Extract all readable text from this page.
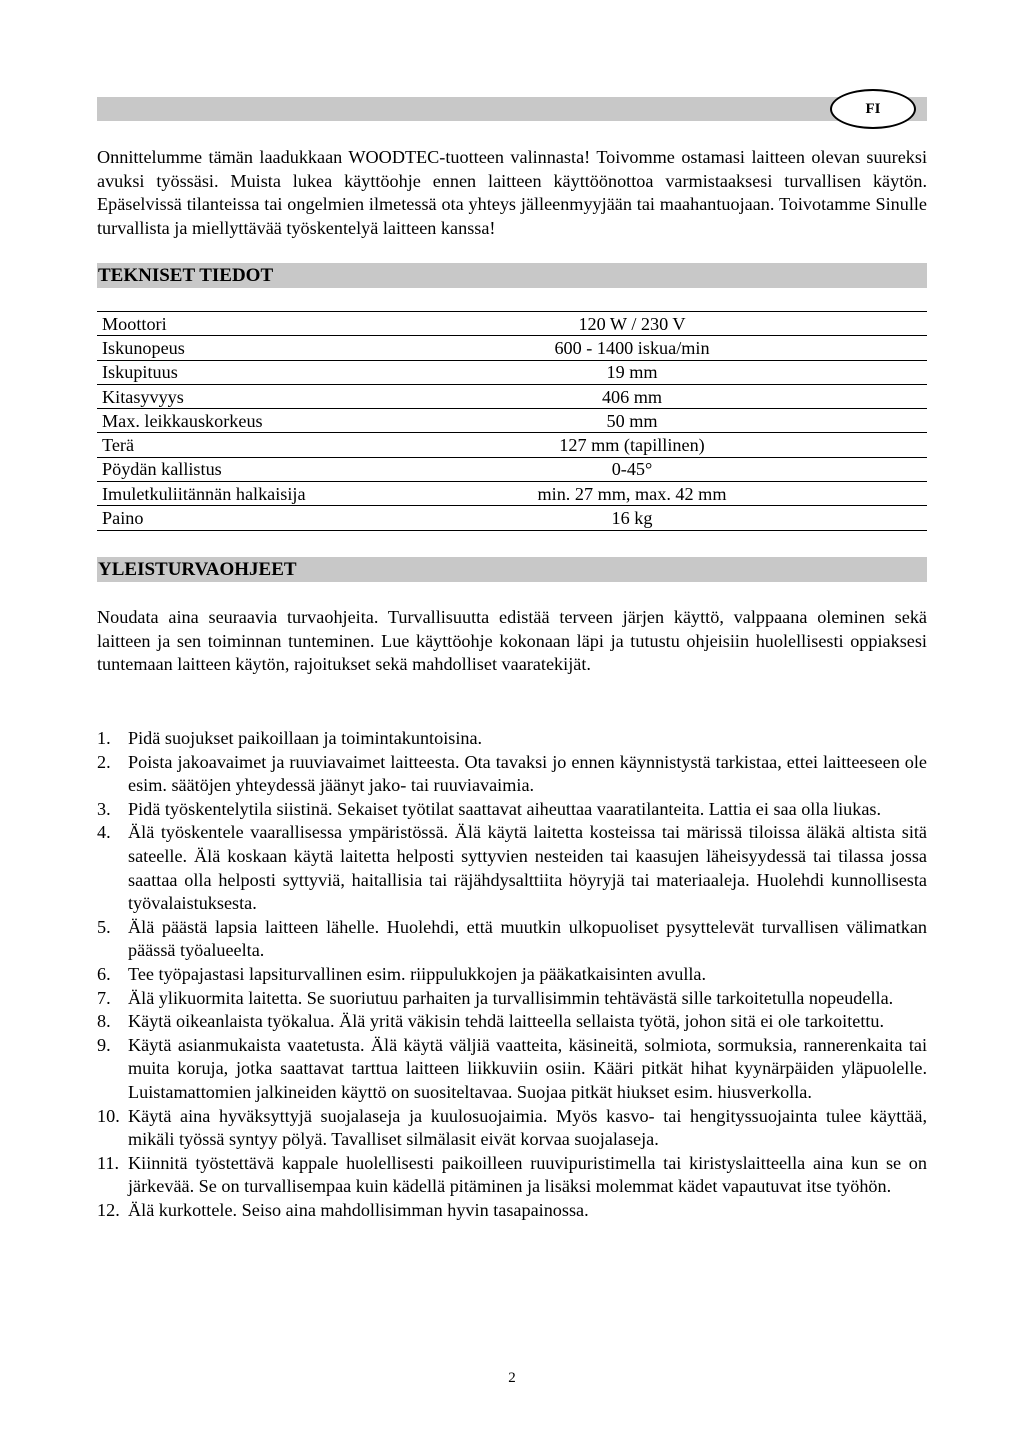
FI

Onnittelumme tämän laadukkaan WOODTEC-tuotteen valinnasta! Toivomme ostamasi laitteen olevan suureksi avuksi työssäsi. Muista lukea käyttöohje ennen laitteen käyttöönottoa varmistaaksesi turvallisen käytön. Epäselvissä tilanteissa tai ongelmien ilmetessä ota yhteys jälleenmyyjään tai maahantuojaan. Toivotamme Sinulle turvallista ja miellyttävää työskentelyä laitteen kanssa!

TEKNISET TIEDOT
Moottori	120 W / 230 V
Iskunopeus	600 - 1400 iskua/min
Iskupituus	19 mm
Kitasyvyys	406 mm
Max. leikkauskorkeus	50 mm
Terä	127 mm (tapillinen)
Pöydän kallistus	0-45°
Imuletkuliitännän halkaisija	min. 27 mm, max. 42 mm
Paino	16 kg
YLEISTURVAOHJEET

Noudata aina seuraavia turvaohjeita. Turvallisuutta edistää terveen järjen käyttö, valppaana oleminen sekä laitteen ja sen toiminnan tunteminen. Lue käyttöohje kokonaan läpi ja tutustu ohjeisiin huolellisesti oppiaksesi tuntemaan laitteen käytön, rajoitukset sekä mahdolliset vaaratekijät.

1. Pidä suojukset paikoillaan ja toimintakuntoisina.
2. Poista jakoavaimet ja ruuviavaimet laitteesta. Ota tavaksi jo ennen käynnistystä tarkistaa, ettei laitteeseen ole esim. säätöjen yhteydessä jäänyt jako- tai ruuviavaimia.
3. Pidä työskentelytila siistinä. Sekaiset työtilat saattavat aiheuttaa vaaratilanteita. Lattia ei saa olla liukas.
4. Älä työskentele vaarallisessa ympäristössä. Älä käytä laitetta kosteissa tai märissä tiloissa äläkä altista sitä sateelle. Älä koskaan käytä laitetta helposti syttyvien nesteiden tai kaasujen läheisyydessä tai tilassa jossa saattaa olla helposti syttyviä, haitallisia tai räjähdysalttiita höyryjä tai materiaaleja. Huolehdi kunnollisesta työvalaistuksesta.
5. Älä päästä lapsia laitteen lähelle. Huolehdi, että muutkin ulkopuoliset pysyttelevät turvallisen välimatkan päässä työalueelta.
6. Tee työpajastasi lapsiturvallinen esim. riippulukkojen ja pääkatkaisinten avulla.
7. Älä ylikuormita laitetta. Se suoriutuu parhaiten ja turvallisimmin tehtävästä sille tarkoitetulla nopeudella.
8. Käytä oikeanlaista työkalua. Älä yritä väkisin tehdä laitteella sellaista työtä, johon sitä ei ole tarkoitettu.
9. Käytä asianmukaista vaatetusta. Älä käytä väljiä vaatteita, käsineitä, solmiota, sormuksia, rannerenkaita tai muita koruja, jotka saattavat tarttua laitteen liikkuviin osiin. Kääri pitkät hihat kyynärpäiden yläpuolelle. Luistamattomien jalkineiden käyttö on suositeltavaa. Suojaa pitkät hiukset esim. hiusverkolla.
10. Käytä aina hyväksyttyjä suojalaseja ja kuulosuojaimia. Myös kasvo- tai hengityssuojainta tulee käyttää, mikäli työssä syntyy pölyä. Tavalliset silmälasit eivät korvaa suojalaseja.
11. Kiinnitä työstettävä kappale huolellisesti paikoilleen ruuvipuristimella tai kiristyslaitteella aina kun se on järkevää. Se on turvallisempaa kuin kädellä pitäminen ja lisäksi molemmat kädet vapautuvat itse työhön.
12. Älä kurkottele. Seiso aina mahdollisimman hyvin tasapainossa.
2
